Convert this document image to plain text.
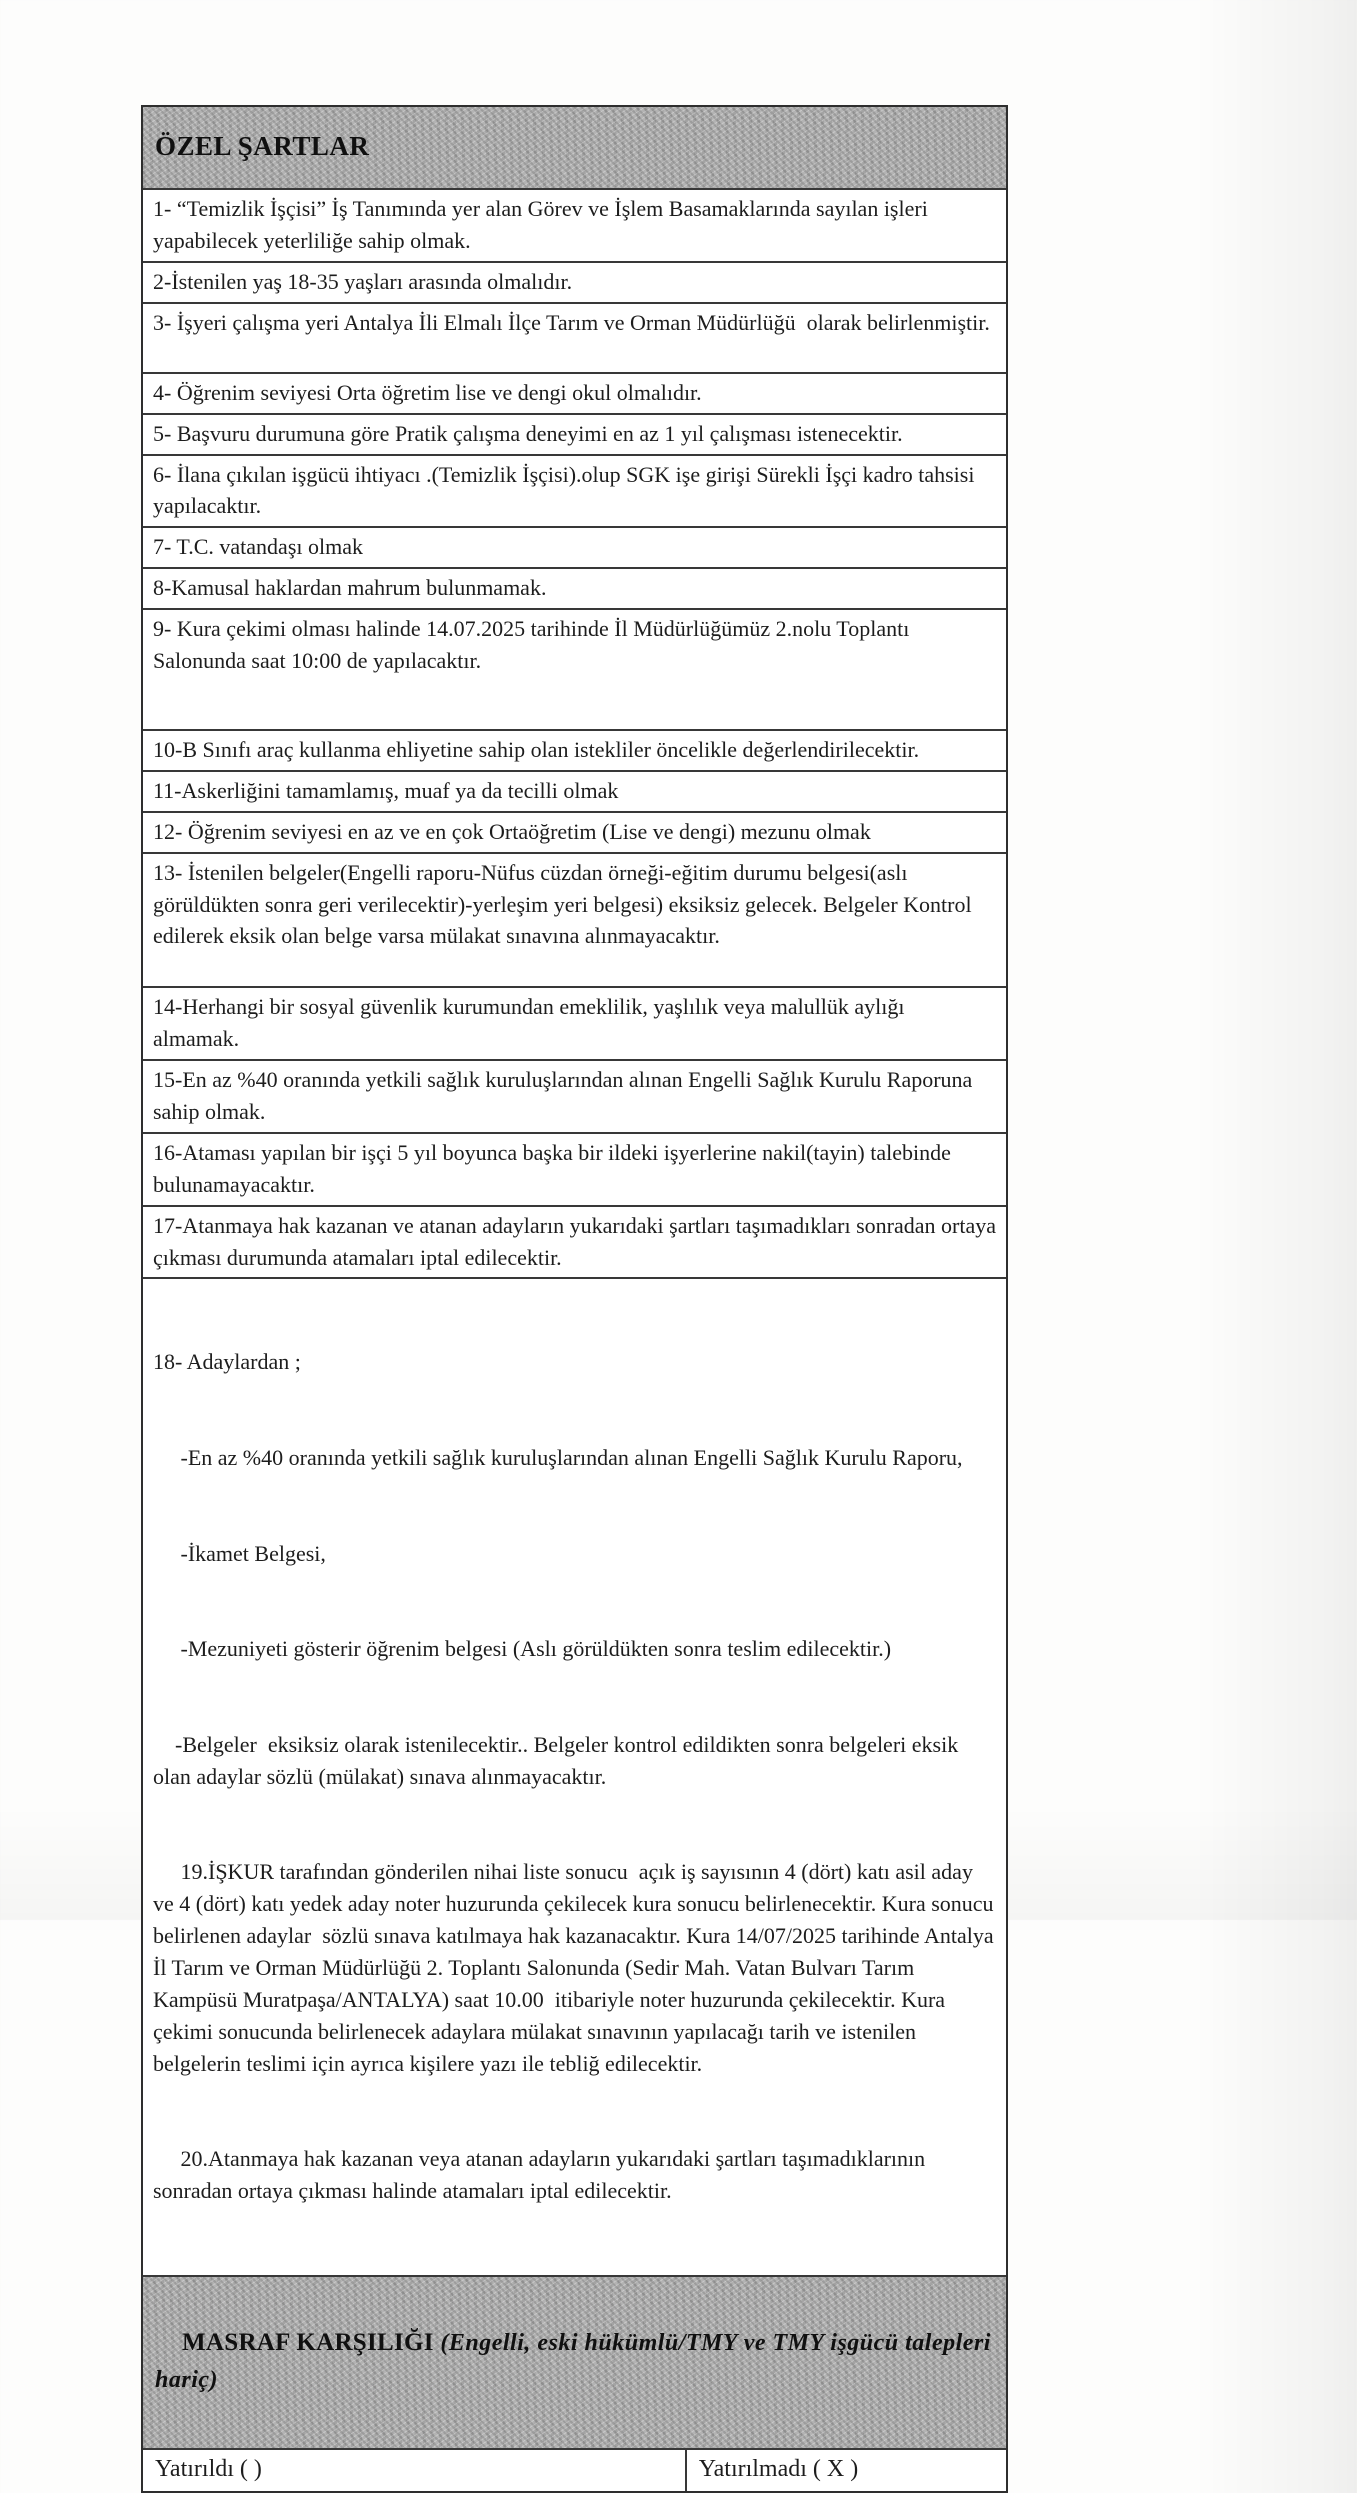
ÖZEL ŞARTLAR
1- “Temizlik İşçisi” İş Tanımında yer alan Görev ve İşlem Basamaklarında sayılan işleri yapabilecek yeterliliğe sahip olmak.
2-İstenilen yaş 18-35 yaşları arasında olmalıdır.
3- İşyeri çalışma yeri Antalya İli Elmalı İlçe Tarım ve Orman Müdürlüğü  olarak belirlenmiştir.
4- Öğrenim seviyesi Orta öğretim lise ve dengi okul olmalıdır.
5- Başvuru durumuna göre Pratik çalışma deneyimi en az 1 yıl çalışması istenecektir.
6- İlana çıkılan işgücü ihtiyacı .(Temizlik İşçisi).olup SGK işe girişi Sürekli İşçi kadro tahsisi yapılacaktır.
7- T.C. vatandaşı olmak
8-Kamusal haklardan mahrum bulunmamak.
9- Kura çekimi olması halinde 14.07.2025 tarihinde İl Müdürlüğümüz 2.nolu Toplantı Salonunda saat 10:00 de yapılacaktır.
10-B Sınıfı araç kullanma ehliyetine sahip olan istekliler öncelikle değerlendirilecektir.
11-Askerliğini tamamlamış, muaf ya da tecilli olmak
12- Öğrenim seviyesi en az ve en çok Ortaöğretim (Lise ve dengi) mezunu olmak
13- İstenilen belgeler(Engelli raporu-Nüfus cüzdan örneği-eğitim durumu belgesi(aslı görüldükten sonra geri verilecektir)-yerleşim yeri belgesi) eksiksiz gelecek. Belgeler Kontrol edilerek eksik olan belge varsa mülakat sınavına alınmayacaktır.
14-Herhangi bir sosyal güvenlik kurumundan emeklilik, yaşlılık veya malullük aylığı almamak.
15-En az %40 oranında yetkili sağlık kuruluşlarından alınan Engelli Sağlık Kurulu Raporuna sahip olmak.
16-Ataması yapılan bir işçi 5 yıl boyunca başka bir ildeki işyerlerine nakil(tayin) talebinde bulunamayacaktır.
17-Atanmaya hak kazanan ve atanan adayların yukarıdaki şartları taşımadıkları sonradan ortaya çıkması durumunda atamaları iptal edilecektir.

18- Adaylardan ;

-En az %40 oranında yetkili sağlık kuruluşlarından alınan Engelli Sağlık Kurulu Raporu,

-İkamet Belgesi,

-Mezuniyeti gösterir öğrenim belgesi (Aslı görüldükten sonra teslim edilecektir.)

-Belgeler  eksiksiz olarak istenilecektir.. Belgeler kontrol edildikten sonra belgeleri eksik olan adaylar sözlü (mülakat) sınava alınmayacaktır.

19.İŞKUR tarafından gönderilen nihai liste sonucu  açık iş sayısının 4 (dört) katı asil aday ve 4 (dört) katı yedek aday noter huzurunda çekilecek kura sonucu belirlenecektir. Kura sonucu belirlenen adaylar  sözlü sınava katılmaya hak kazanacaktır. Kura 14/07/2025 tarihinde Antalya İl Tarım ve Orman Müdürlüğü 2. Toplantı Salonunda (Sedir Mah. Vatan Bulvarı Tarım Kampüsü Muratpaşa/ANTALYA) saat 10.00  itibariyle noter huzurunda çekilecektir. Kura çekimi sonucunda belirlenecek adaylara mülakat sınavının yapılacağı tarih ve istenilen belgelerin teslimi için ayrıca kişilere yazı ile tebliğ edilecektir.

20.Atanmaya hak kazanan veya atanan adayların yukarıdaki şartları taşımadıklarının sonradan ortaya çıkması halinde atamaları iptal edilecektir.

MASRAF KARŞILIĞI (Engelli, eski hükümlü/TMY ve TMY işgücü talepleri hariç)

Yatırıldı ( )	Yatırılmadı ( X )
